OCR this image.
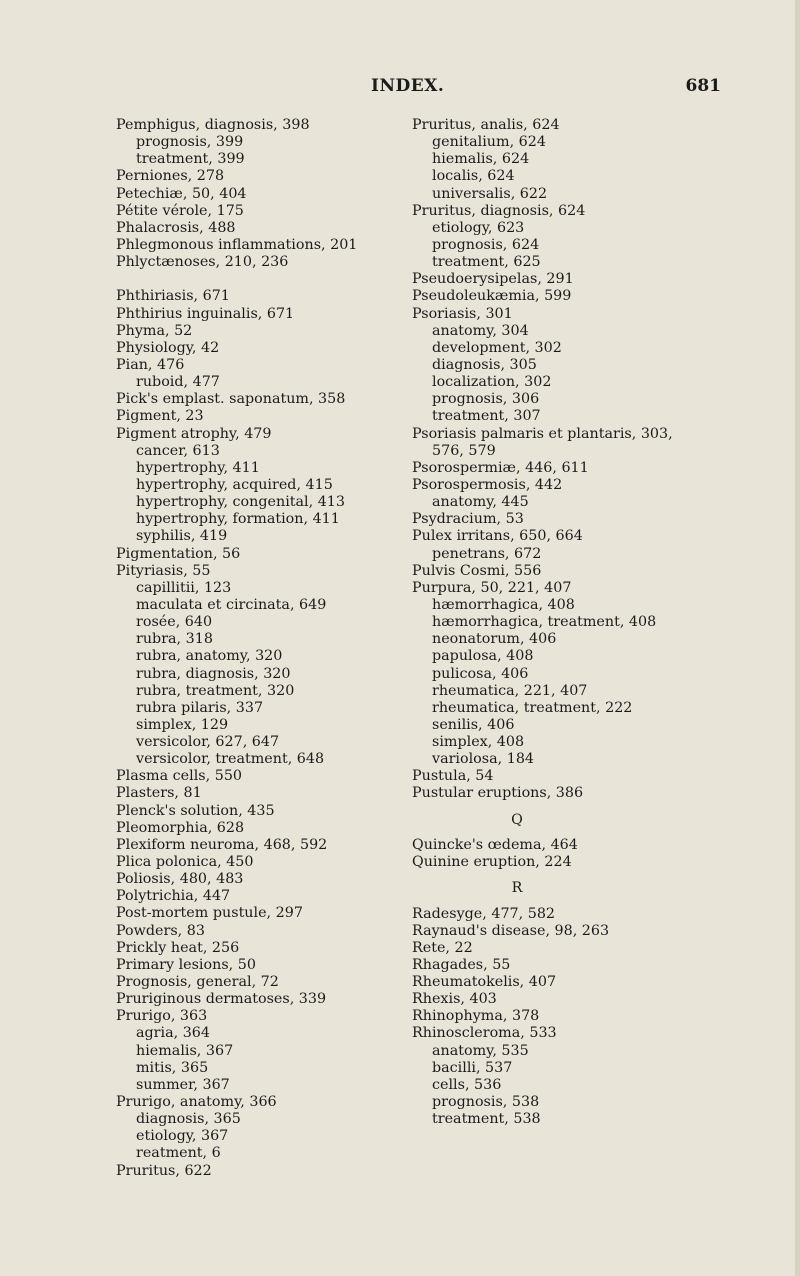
INDEX.	681
Pemphigus, diagnosis, 398
prognosis, 399
treatment, 399
Perniones, 278
Petechiæ, 50, 404
Pétite vérole, 175
Phalacrosis, 488
Phlegmonous inflammations, 201
Phlyctænoses, 210, 236
Phthiriasis, 671
Phthirius inguinalis, 671
Phyma, 52
Physiology, 42
Pian, 476
ruboid, 477
Pick's emplast. saponatum, 358
Pigment, 23
Pigment atrophy, 479
cancer, 613
hypertrophy, 411
hypertrophy, acquired, 415
hypertrophy, congenital, 413
hypertrophy, formation, 411
syphilis, 419
Pigmentation, 56
Pityriasis, 55
capillitii, 123
maculata et circinata, 649
rosée, 640
rubra, 318
rubra, anatomy, 320
rubra, diagnosis, 320
rubra, treatment, 320
rubra pilaris, 337
simplex, 129
versicolor, 627, 647
versicolor, treatment, 648
Plasma cells, 550
Plasters, 81
Plenck's solution, 435
Pleomorphia, 628
Plexiform neuroma, 468, 592
Plica polonica, 450
Poliosis, 480, 483
Polytrichia, 447
Post-mortem pustule, 297
Powders, 83
Prickly heat, 256
Primary lesions, 50
Prognosis, general, 72
Pruriginous dermatoses, 339
Prurigo, 363
agria, 364
hiemalis, 367
mitis, 365
summer, 367
Prurigo, anatomy, 366
diagnosis, 365
etiology, 367
reatment, 6
Pruritus, 622
Pruritus, analis, 624
genitalium, 624
hiemalis, 624
localis, 624
universalis, 622
Pruritus, diagnosis, 624
etiology, 623
prognosis, 624
treatment, 625
Pseudoerysipelas, 291
Pseudoleukæmia, 599
Psoriasis, 301
anatomy, 304
development, 302
diagnosis, 305
localization, 302
prognosis, 306
treatment, 307
Psoriasis palmaris et plantaris, 303,
576, 579
Psorospermiæ, 446, 611
Psorospermosis, 442
anatomy, 445
Psydracium, 53
Pulex irritans, 650, 664
penetrans, 672
Pulvis Cosmi, 556
Purpura, 50, 221, 407
hæmorrhagica, 408
hæmorrhagica, treatment, 408
neonatorum, 406
papulosa, 408
pulicosa, 406
rheumatica, 221, 407
rheumatica, treatment, 222
senilis, 406
simplex, 408
variolosa, 184
Pustula, 54
Pustular eruptions, 386
Q
Quincke's œdema, 464
Quinine eruption, 224
R
Radesyge, 477, 582
Raynaud's disease, 98, 263
Rete, 22
Rhagades, 55
Rheumatokelis, 407
Rhexis, 403
Rhinophyma, 378
Rhinoscleroma, 533
anatomy, 535
bacilli, 537
cells, 536
prognosis, 538
treatment, 538
